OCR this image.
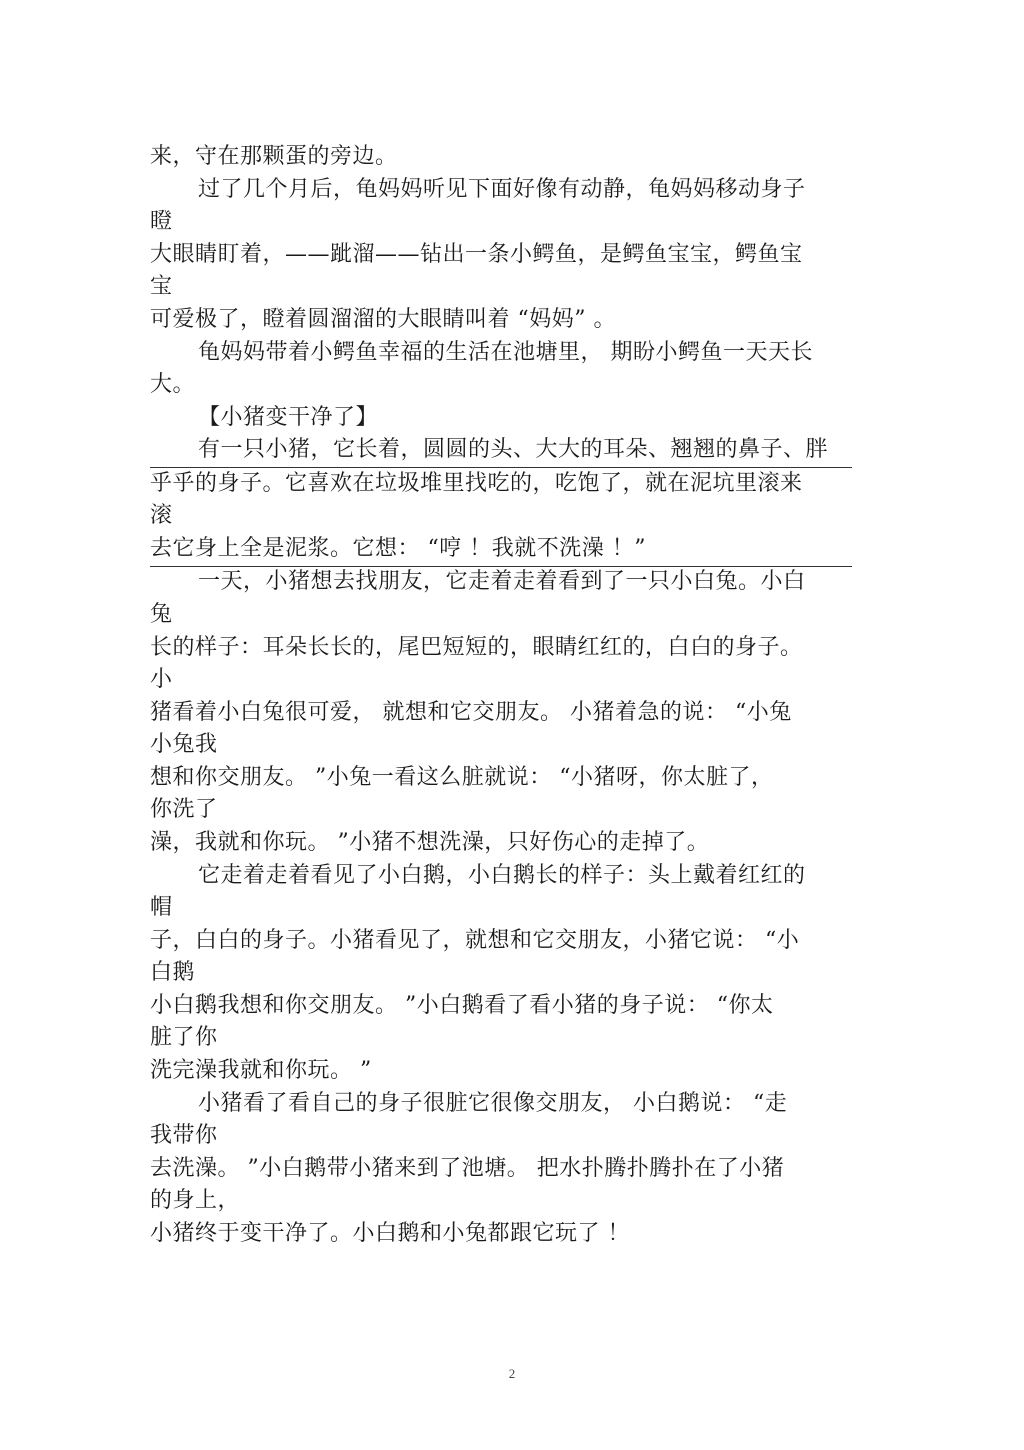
来，守在那颗蛋的旁边。
过了几个月后，龟妈妈听见下面好像有动静，龟妈妈移动身子
瞪
大眼睛盯着，——跐溜——钻出一条小鳄鱼，是鳄鱼宝宝，鳄鱼宝
宝
可爱极了，瞪着圆溜溜的大眼睛叫着 “妈妈” 。
龟妈妈带着小鳄鱼幸福的生活在池塘里， 期盼小鳄鱼一天天长
大。
【小猪变干净了】
有一只小猪，它长着，圆圆的头、大大的耳朵、翘翘的鼻子、胖
乎乎的身子。它喜欢在垃圾堆里找吃的，吃饱了，就在泥坑里滚来
滚
去它身上全是泥浆。它想： “哼 ！我就不洗澡 ！”
一天，小猪想去找朋友，它走着走着看到了一只小白兔。小白
兔
长的样子：耳朵长长的，尾巴短短的，眼睛红红的，白白的身子。
小
猪看着小白兔很可爱， 就想和它交朋友。 小猪着急的说： “小兔
小兔我
想和你交朋友。 ”小兔一看这么脏就说： “小猪呀，你太脏了，
你洗了
澡，我就和你玩。 ”小猪不想洗澡，只好伤心的走掉了。
它走着走着看见了小白鹅，小白鹅长的样子：头上戴着红红的
帽
子，白白的身子。小猪看见了，就想和它交朋友，小猪它说： “小
白鹅
小白鹅我想和你交朋友。 ”小白鹅看了看小猪的身子说： “你太
脏了你
洗完澡我就和你玩。 ”
小猪看了看自己的身子很脏它很像交朋友， 小白鹅说： “走
我带你
去洗澡。 ”小白鹅带小猪来到了池塘。 把水扑腾扑腾扑在了小猪
的身上，
小猪终于变干净了。小白鹅和小兔都跟它玩了 ！
2
